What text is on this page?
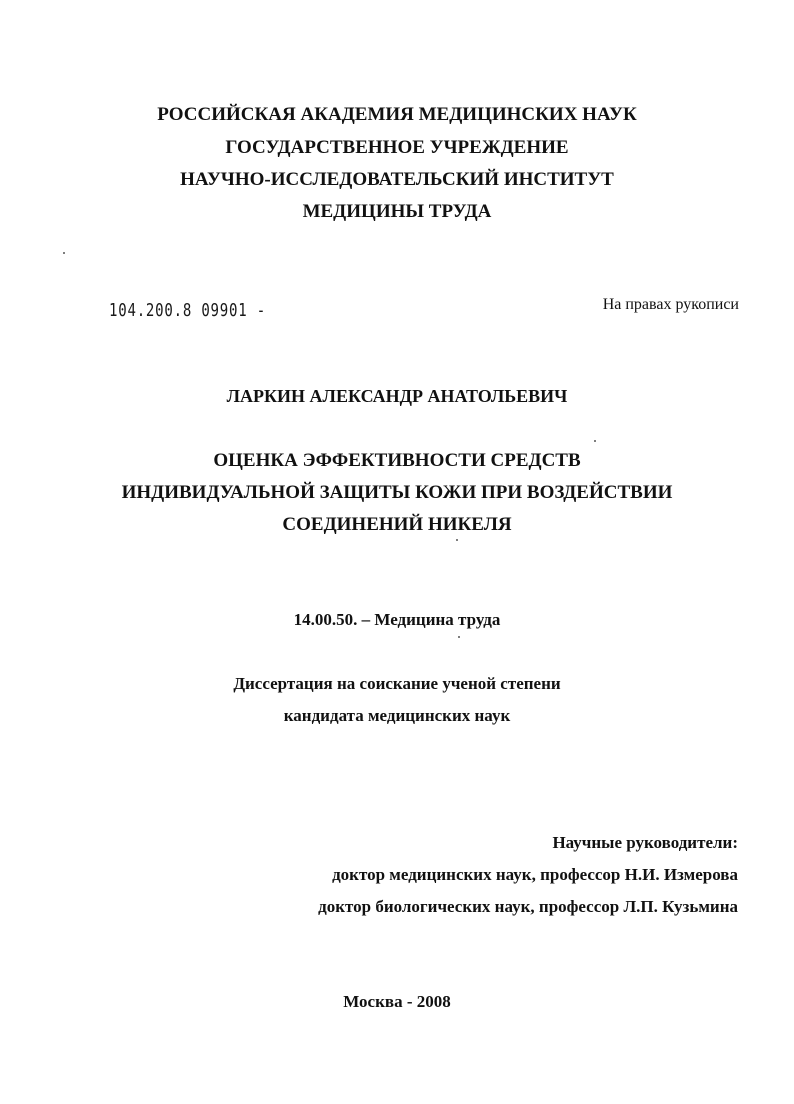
РОССИЙСКАЯ АКАДЕМИЯ МЕДИЦИНСКИХ НАУК
ГОСУДАРСТВЕННОЕ УЧРЕЖДЕНИЕ
НАУЧНО-ИССЛЕДОВАТЕЛЬСКИЙ ИНСТИТУТ
МЕДИЦИНЫ ТРУДА
104.200.8 09901 -	На правах рукописи
ЛАРКИН АЛЕКСАНДР АНАТОЛЬЕВИЧ
ОЦЕНКА ЭФФЕКТИВНОСТИ СРЕДСТВ
ИНДИВИДУАЛЬНОЙ ЗАЩИТЫ КОЖИ ПРИ ВОЗДЕЙСТВИИ
СОЕДИНЕНИЙ НИКЕЛЯ
14.00.50. – Медицина труда
Диссертация на соискание ученой степени
кандидата медицинских наук
Научные руководители:
доктор медицинских наук, профессор Н.И. Измерова
доктор биологических наук, профессор Л.П. Кузьмина
Москва - 2008
